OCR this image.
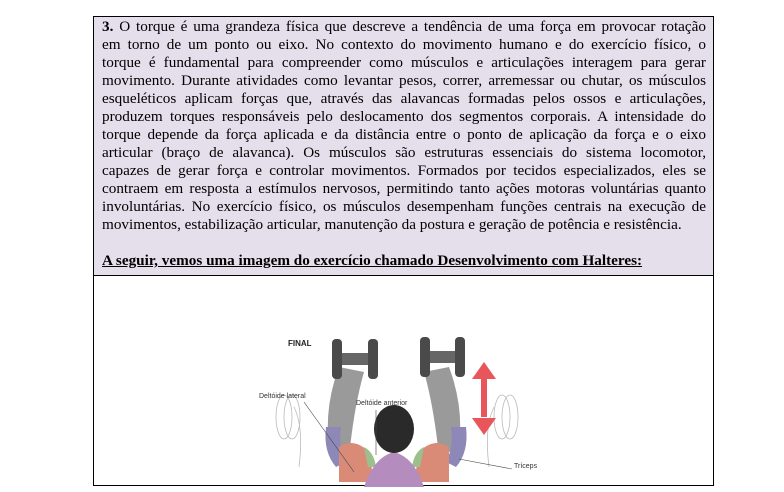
3. O torque é uma grandeza física que descreve a tendência de uma força em provocar rotação
em torno de um ponto ou eixo. No contexto do movimento humano e do exercício físico, o
torque é fundamental para compreender como músculos e articulações interagem para gerar
movimento. Durante atividades como levantar pesos, correr, arremessar ou chutar, os músculos
esqueléticos aplicam forças que, através das alavancas formadas pelos ossos e articulações,
produzem torques responsáveis pelo deslocamento dos segmentos corporais. A intensidade do
torque depende da força aplicada e da distância entre o ponto de aplicação da força e o eixo
articular (braço de alavanca). Os músculos são estruturas essenciais do sistema locomotor,
capazes de gerar força e controlar movimentos. Formados por tecidos especializados, eles se
contraem em resposta a estímulos nervosos, permitindo tanto ações motoras voluntárias quanto
involuntárias. No exercício físico, os músculos desempenham funções centrais na execução de
movimentos, estabilização articular, manutenção da postura e geração de potência e resistência.
A seguir, vemos uma imagem do exercício chamado Desenvolvimento com Halteres:
FINAL
Deltóide lateral
Deltóide anterior
Tríceps
